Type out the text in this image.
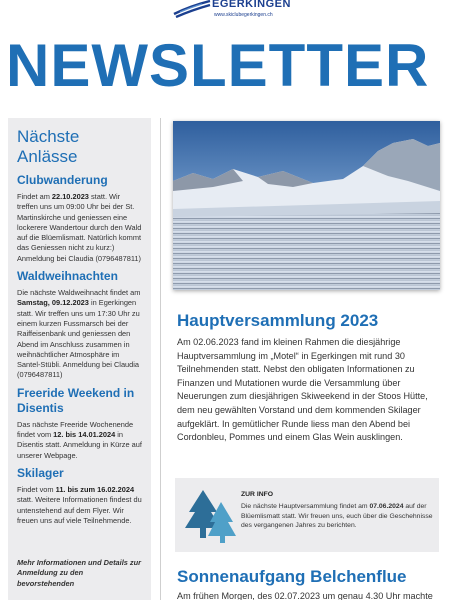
EGERKINGEN
www.skiclubegerkingen.ch
NEWSLETTER
Nächste Anlässe
Clubwanderung

Findet am 22.10.2023 statt. Wir treffen uns um 09:00 Uhr bei der St. Martinskirche und geniessen eine lockerere Wandertour durch den Wald auf die Blüemlismatt. Natürlich kommt das Geniessen nicht zu kurz:) Anmeldung bei Claudia (0796487811)

Waldweihnachten

Die nächste Waldweihnacht findet am Samstag, 09.12.2023 in Egerkingen statt. Wir treffen uns um 17:30 Uhr zu einem kurzen Fussmarsch bei der Raiffeisenbank und geniessen den Abend im Anschluss zusammen in weihnächtlicher Atmosphäre im Santel-Stübli. Anmeldung bei Claudia (0796487811)

Freeride Weekend in Disentis

Das nächste Freeride Wochenende findet vom 12. bis 14.01.2024 in Disentis statt. Anmeldung in Kürze auf unserer Webpage.

Skilager

Findet vom 11. bis zum 16.02.2024 statt. Weitere Informationen findest du untenstehend auf dem Flyer. Wir freuen uns auf viele Teilnehmende.

Mehr Informationen und Details zur Anmeldung zu den bevorstehenden

Hauptversammlung 2023

Am 02.06.2023 fand im kleinen Rahmen die diesjährige Hauptversammlung im „Motel“ in Egerkingen mit rund 30 Teilnehmenden statt. Nebst den obligaten Informationen zu Finanzen und Mutationen wurde die Versammlung über Neuerungen zum diesjährigen Skiweekend in der Stoos Hütte, dem neu gewählten Vorstand und dem kommenden Skilager aufgeklärt. In gemütlicher Runde liess man den Abend bei Cordonbleu, Pommes und einem Glas Wein ausklingen.

ZUR INFO

Die nächste Hauptversammlung findet am 07.06.2024 auf der Blüemlismatt statt. Wir freuen uns, euch über die Geschehnisse des vergangenen Jahres zu berichten.

Sonnenaufgang Belchenflue

Am frühen Morgen, des 02.07.2023 um genau 4.30 Uhr machte
